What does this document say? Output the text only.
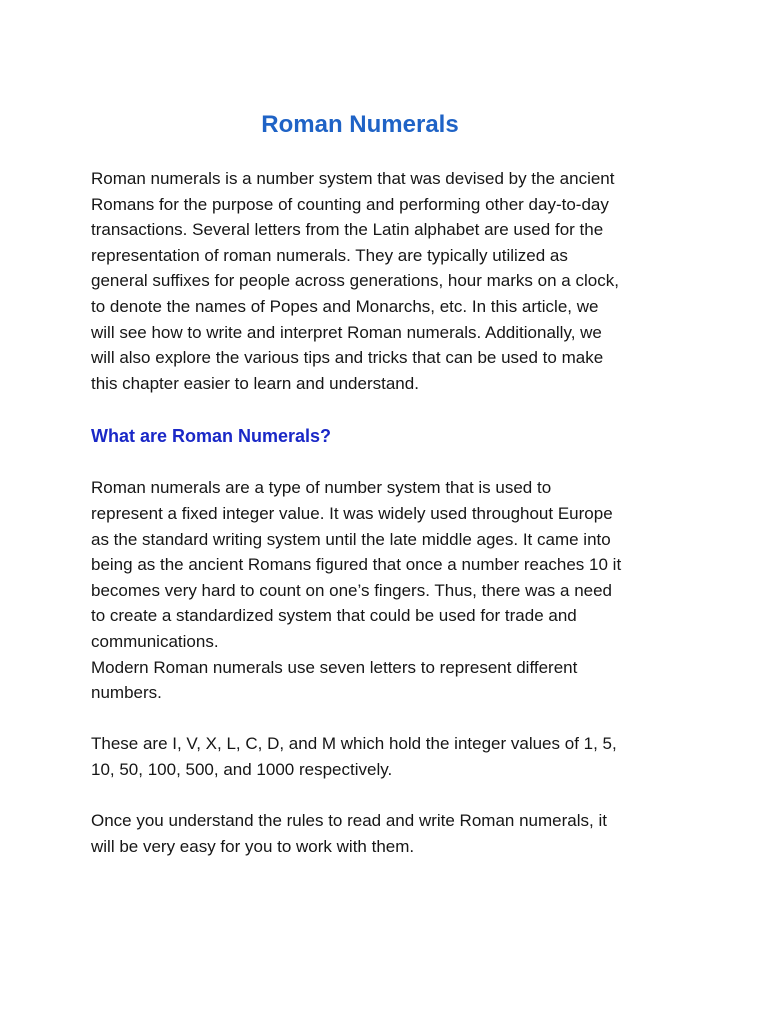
Roman Numerals

Roman numerals is a number system that was devised by the ancient
Romans for the purpose of counting and performing other day-to-day
transactions. Several letters from the Latin alphabet are used for the
representation of roman numerals. They are typically utilized as
general suffixes for people across generations, hour marks on a clock,
to denote the names of Popes and Monarchs, etc. In this article, we
will see how to write and interpret Roman numerals. Additionally, we
will also explore the various tips and tricks that can be used to make
this chapter easier to learn and understand.

What are Roman Numerals?

Roman numerals are a type of number system that is used to
represent a fixed integer value. It was widely used throughout Europe
as the standard writing system until the late middle ages. It came into
being as the ancient Romans figured that once a number reaches 10 it
becomes very hard to count on one’s fingers. Thus, there was a need
to create a standardized system that could be used for trade and
communications.

Modern Roman numerals use seven letters to represent different
numbers.

These are I, V, X, L, C, D, and M which hold the integer values of 1, 5,
10, 50, 100, 500, and 1000 respectively.

Once you understand the rules to read and write Roman numerals, it
will be very easy for you to work with them.
